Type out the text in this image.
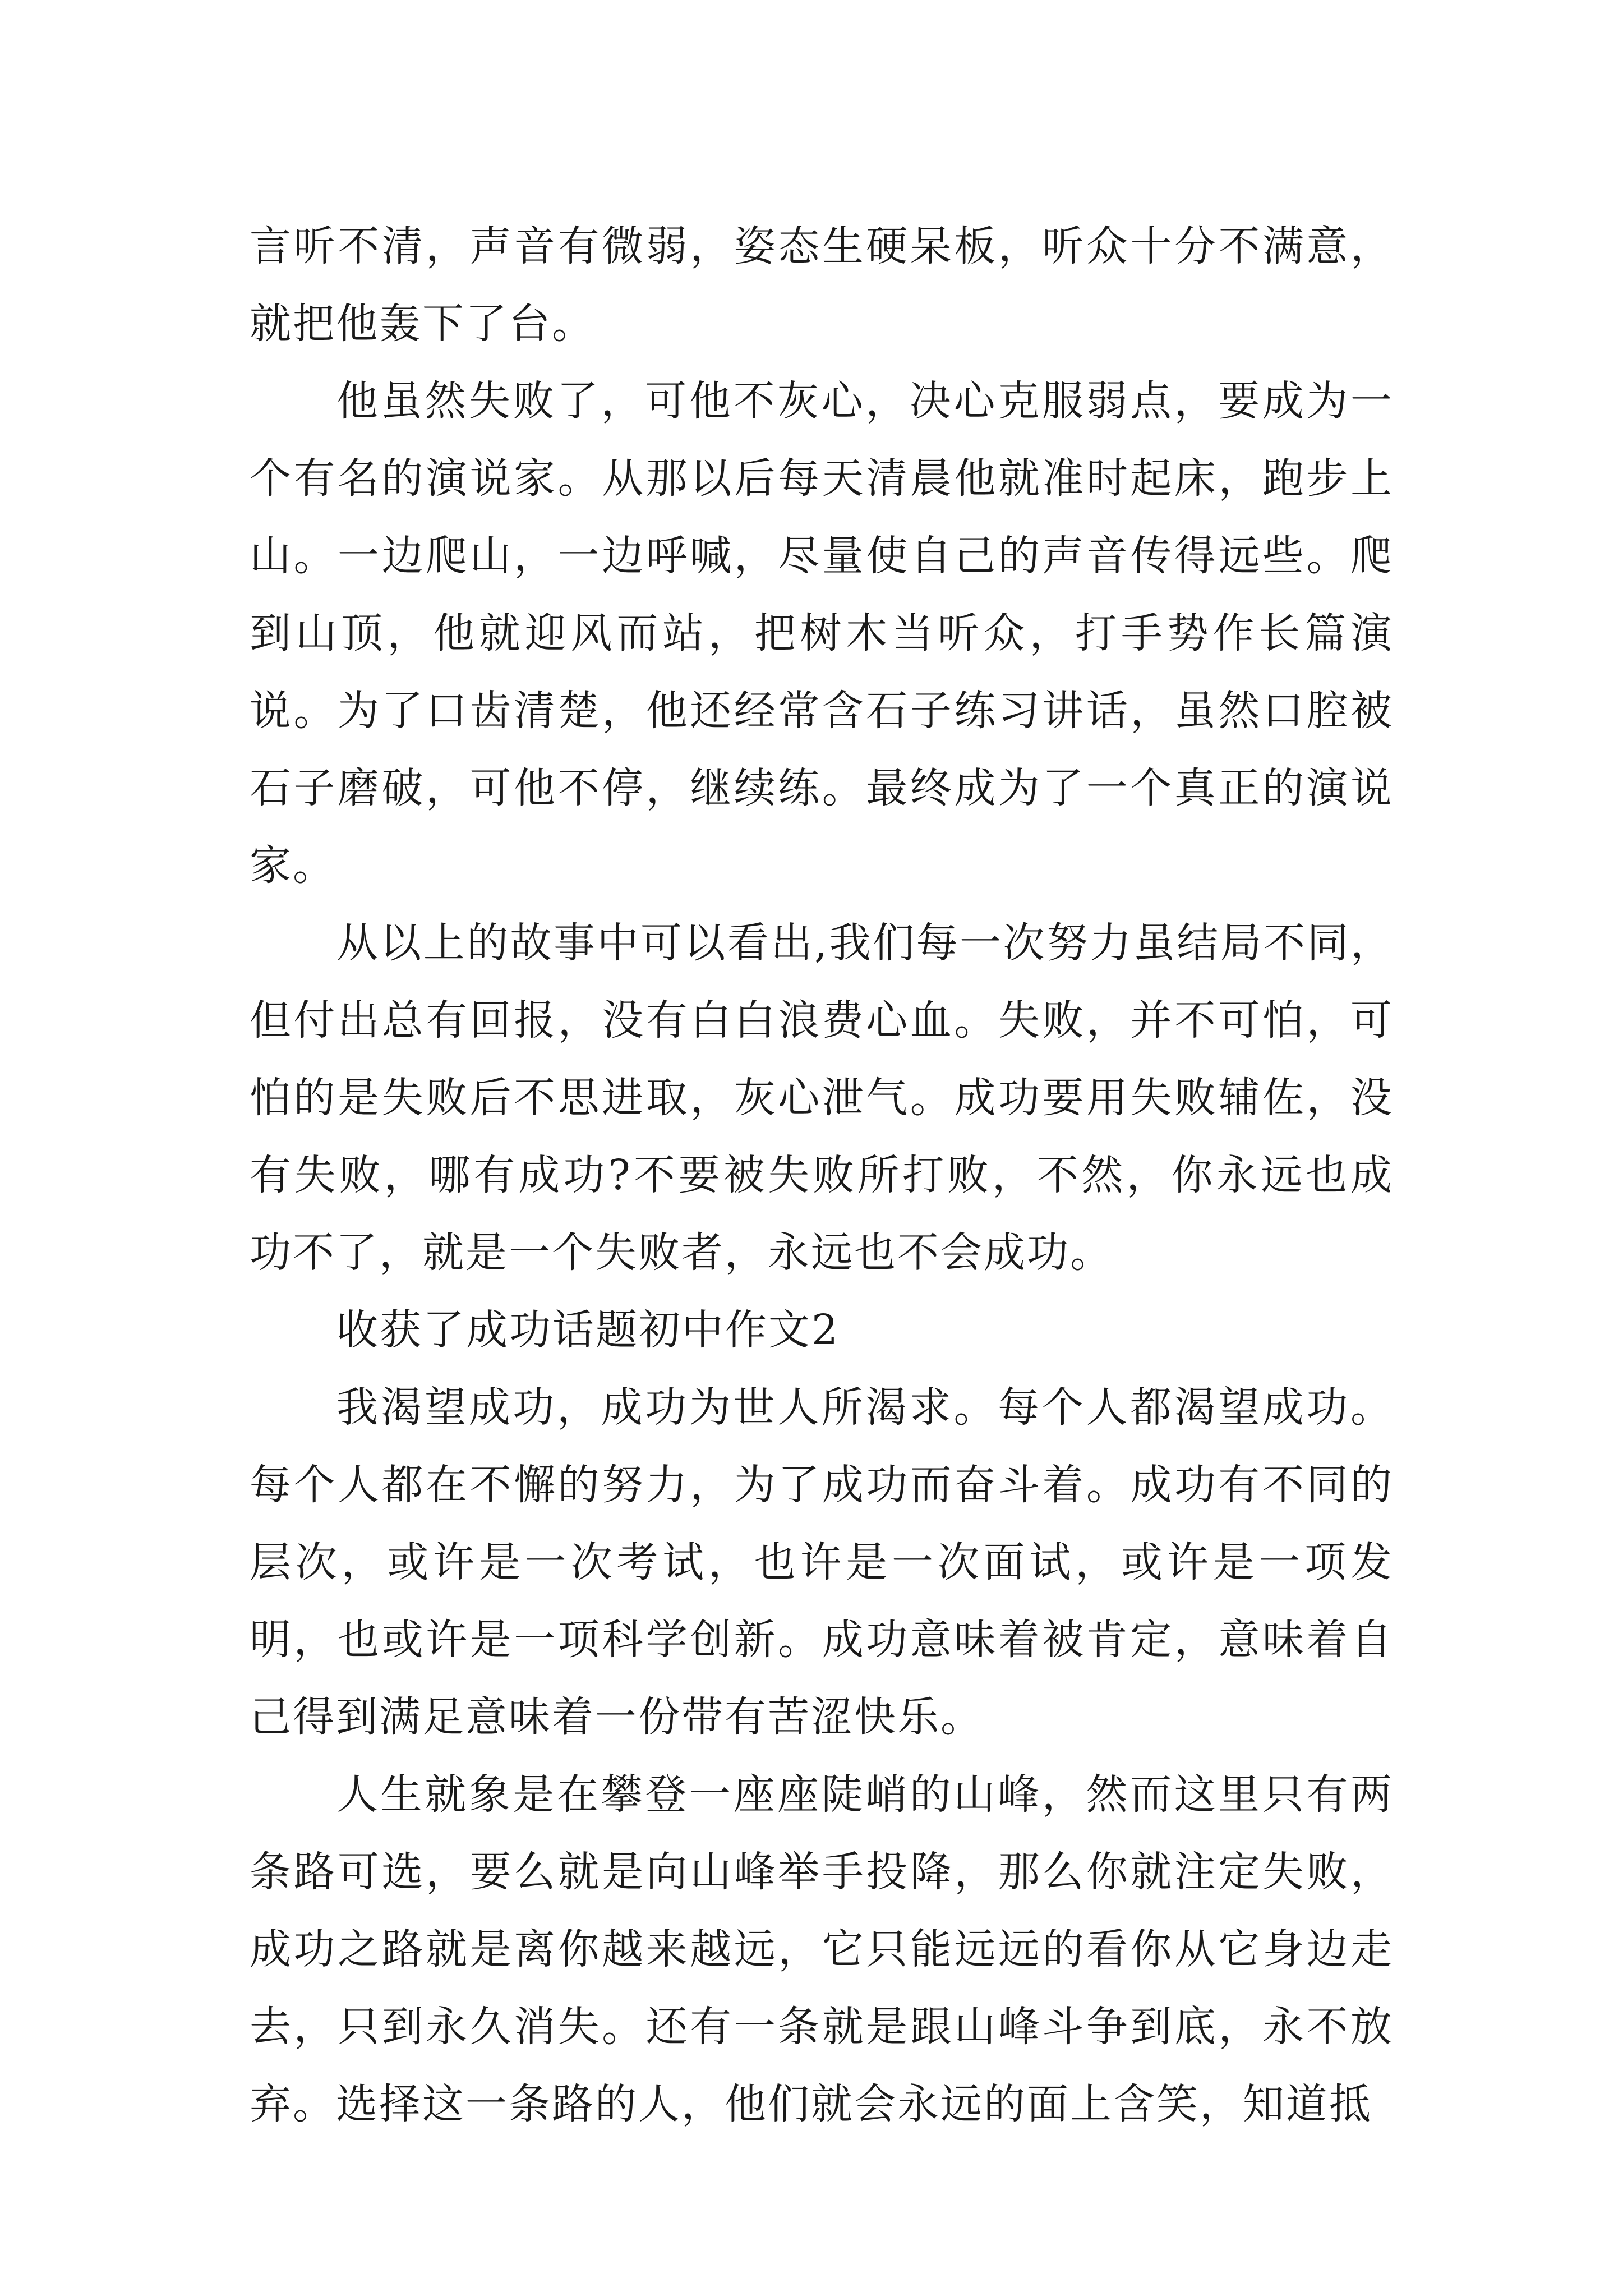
言听不清，声音有微弱，姿态生硬呆板，听众十分不满意，就把他轰下了台。

他虽然失败了，可他不灰心，决心克服弱点，要成为一个有名的演说家。从那以后每天清晨他就准时起床，跑步上山。一边爬山，一边呼喊，尽量使自己的声音传得远些。爬到山顶，他就迎风而站，把树木当听众，打手势作长篇演说。为了口齿清楚，他还经常含石子练习讲话，虽然口腔被石子磨破，可他不停，继续练。最终成为了一个真正的演说家。

从以上的故事中可以看出,我们每一次努力虽结局不同，但付出总有回报，没有白白浪费心血。失败，并不可怕，可怕的是失败后不思进取，灰心泄气。成功要用失败辅佐，没有失败，哪有成功?不要被失败所打败，不然，你永远也成功不了，就是一个失败者，永远也不会成功。

收获了成功话题初中作文2

我渴望成功，成功为世人所渴求。每个人都渴望成功。每个人都在不懈的努力，为了成功而奋斗着。成功有不同的层次，或许是一次考试，也许是一次面试，或许是一项发明，也或许是一项科学创新。成功意味着被肯定，意味着自己得到满足意味着一份带有苦涩快乐。

人生就象是在攀登一座座陡峭的山峰，然而这里只有两条路可选，要么就是向山峰举手投降，那么你就注定失败，成功之路就是离你越来越远，它只能远远的看你从它身边走去，只到永久消失。还有一条就是跟山峰斗争到底，永不放弃。选择这一条路的人，他们就会永远的面上含笑，知道抵
